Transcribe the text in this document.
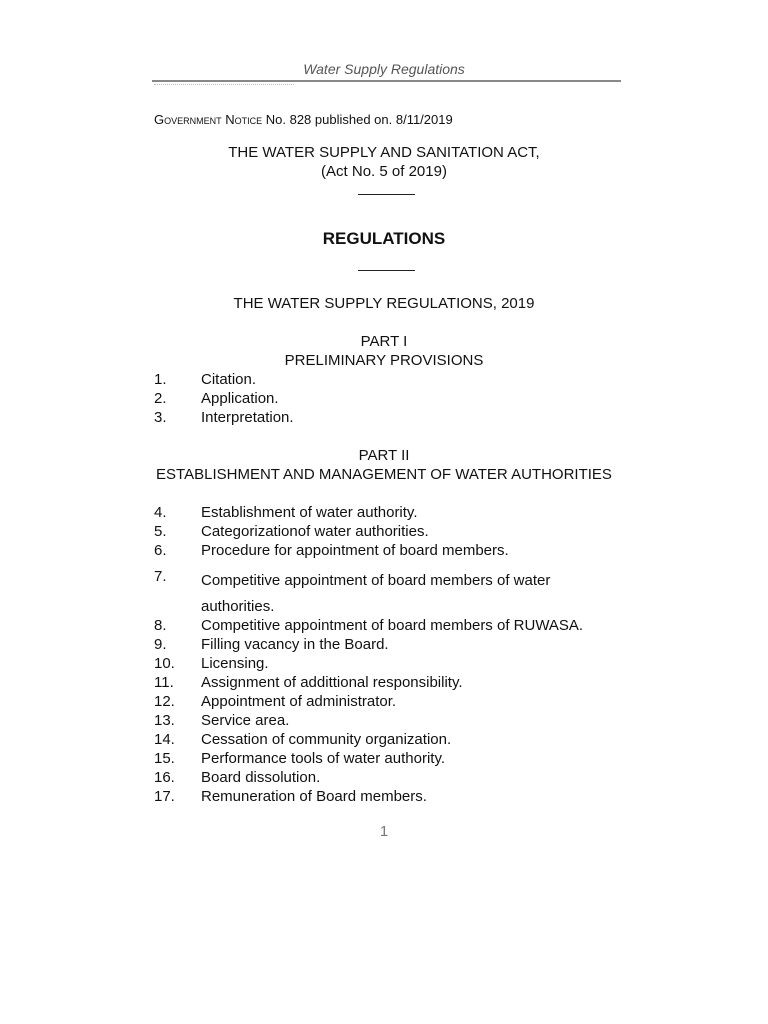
Water Supply Regulations
Government Notice No. 828 published on. 8/11/2019
THE WATER SUPPLY AND SANITATION ACT,
(Act No. 5 of 2019)
REGULATIONS
THE WATER SUPPLY REGULATIONS, 2019
PART I
PRELIMINARY PROVISIONS
1. Citation.
2. Application.
3. Interpretation.
PART II
ESTABLISHMENT AND MANAGEMENT OF WATER AUTHORITIES
4. Establishment of water authority.
5. Categorizationof water authorities.
6. Procedure for appointment of board members.
7. Competitive appointment of board members of water
authorities.
8. Competitive appointment of board members of RUWASA.
9. Filling vacancy in the Board.
10. Licensing.
11. Assignment of addittional responsibility.
12. Appointment of administrator.
13. Service area.
14. Cessation of community organization.
15. Performance tools of water authority.
16. Board dissolution.
17. Remuneration of Board members.
1
